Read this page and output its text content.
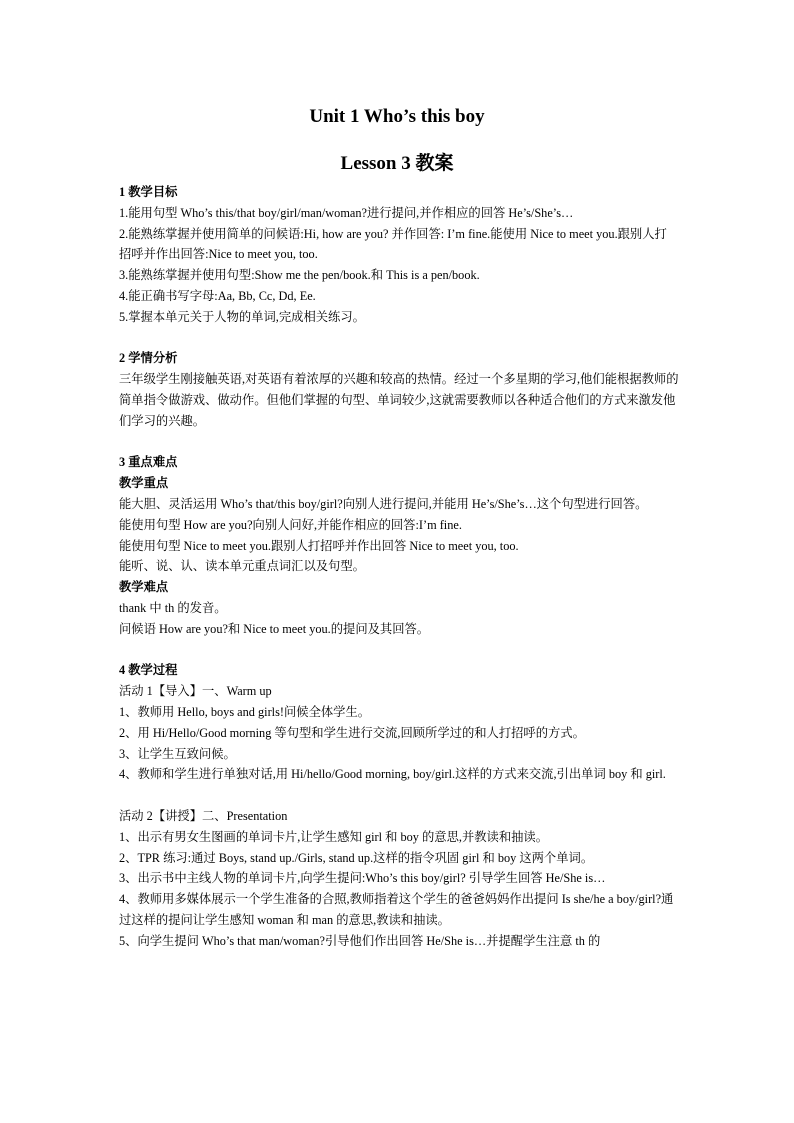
Unit 1 Who’s this boy
Lesson 3 教案

1 教学目标

1.能用句型 Who’s this/that boy/girl/man/woman?进行提问,并作相应的回答 He’s/She’s…

2.能熟练掌握并使用简单的问候语:Hi, how are you? 并作回答: I’m fine.能使用 Nice to meet you.跟别人打招呼并作出回答:Nice to meet you, too.

3.能熟练掌握并使用句型:Show me the pen/book.和 This is a pen/book.

4.能正确书写字母:Aa, Bb, Cc, Dd, Ee.

5.掌握本单元关于人物的单词,完成相关练习。

2 学情分析

三年级学生刚接触英语,对英语有着浓厚的兴趣和较高的热情。经过一个多星期的学习,他们能根据教师的简单指令做游戏、做动作。但他们掌握的句型、单词较少,这就需要教师以各种适合他们的方式来激发他们学习的兴趣。

3 重点难点

教学重点

能大胆、灵活运用 Who’s that/this boy/girl?向别人进行提问,并能用 He’s/She’s…这个句型进行回答。

能使用句型 How are you?向别人问好,并能作相应的回答:I’m fine.

能使用句型 Nice to meet you.跟别人打招呼并作出回答 Nice to meet you, too.

能听、说、认、读本单元重点词汇以及句型。

教学难点

thank 中 th 的发音。

问候语 How are you?和 Nice to meet you.的提问及其回答。

4 教学过程

活动 1【导入】一、Warm up

1、教师用 Hello, boys and girls!问候全体学生。

2、用 Hi/Hello/Good morning 等句型和学生进行交流,回顾所学过的和人打招呼的方式。

3、让学生互致问候。

4、教师和学生进行单独对话,用 Hi/hello/Good morning, boy/girl.这样的方式来交流,引出单词 boy 和 girl.

活动 2【讲授】二、Presentation

1、出示有男女生图画的单词卡片,让学生感知 girl 和 boy 的意思,并教读和抽读。

2、TPR 练习:通过 Boys, stand up./Girls, stand up.这样的指令巩固 girl 和 boy 这两个单词。

3、出示书中主线人物的单词卡片,向学生提问:Who’s this boy/girl? 引导学生回答 He/She is…

4、教师用多媒体展示一个学生准备的合照,教师指着这个学生的爸爸妈妈作出提问 Is she/he a boy/girl?通过这样的提问让学生感知 woman 和 man 的意思,教读和抽读。

5、向学生提问 Who’s that man/woman?引导他们作出回答 He/She is…并提醒学生注意 th 的
